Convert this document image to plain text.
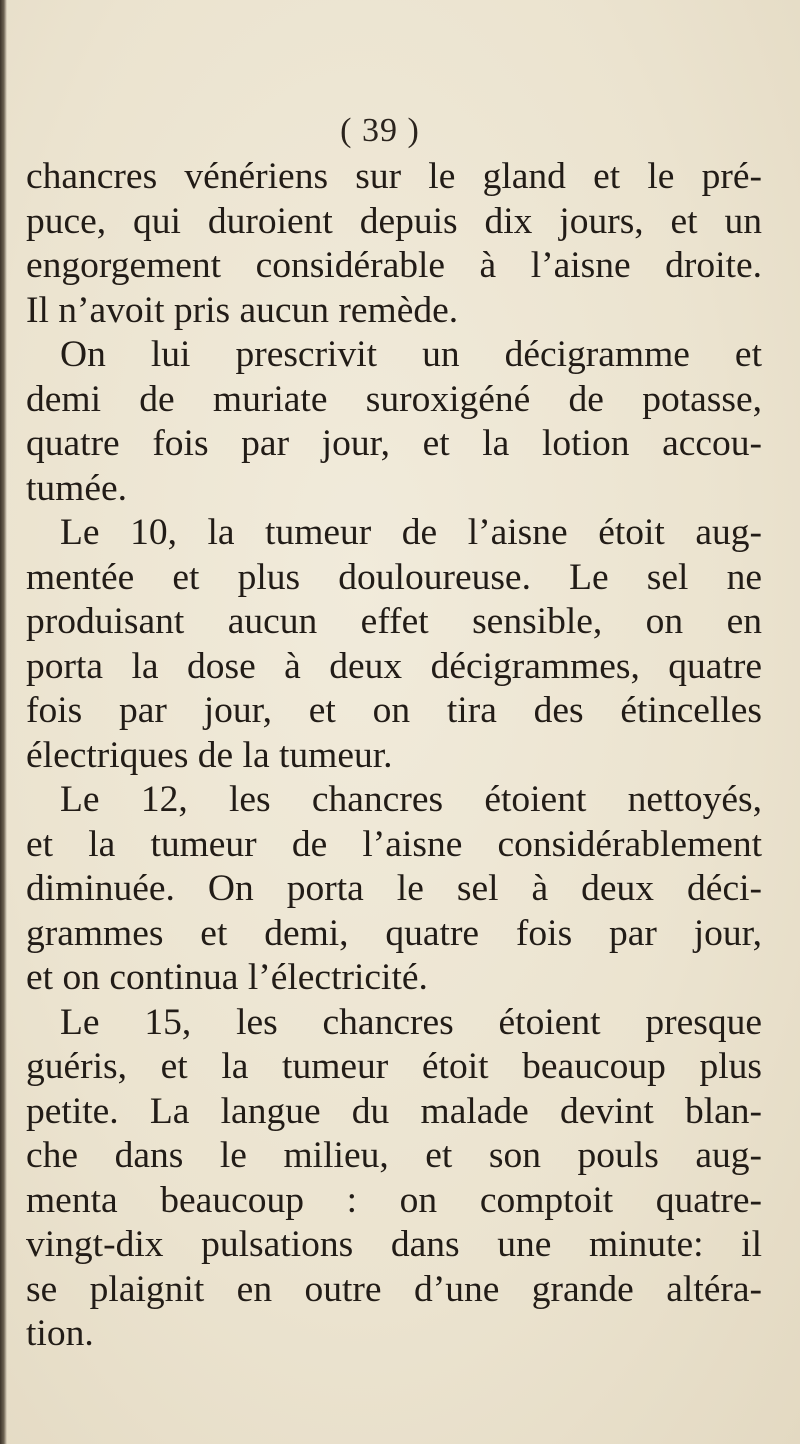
( 39 )
chancres vénériens sur le gland et le pré-
puce, qui duroient depuis dix jours, et un
engorgement considérable à l’aisne droite.
Il n’avoit pris aucun remède.
On lui prescrivit un décigramme et
demi de muriate suroxigéné de potasse,
quatre fois par jour, et la lotion accou-
tumée.
Le 10, la tumeur de l’aisne étoit aug-
mentée et plus douloureuse. Le sel ne
produisant aucun effet sensible, on en
porta la dose à deux décigrammes, quatre
fois par jour, et on tira des étincelles
électriques de la tumeur.
Le 12, les chancres étoient nettoyés,
et la tumeur de l’aisne considérablement
diminuée. On porta le sel à deux déci-
grammes et demi, quatre fois par jour,
et on continua l’électricité.
Le 15, les chancres étoient presque
guéris, et la tumeur étoit beaucoup plus
petite. La langue du malade devint blan-
che dans le milieu, et son pouls aug-
menta beaucoup : on comptoit quatre-
vingt-dix pulsations dans une minute: il
se plaignit en outre d’une grande altéra-
tion.
